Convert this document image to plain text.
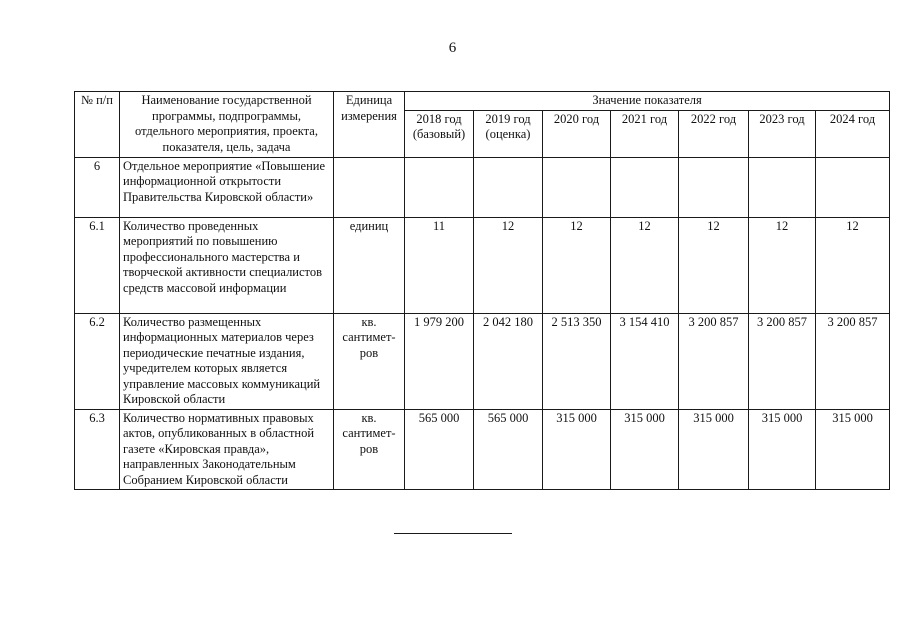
6
№ п/п	Наименование государственной программы, подпрограммы, отдельного мероприятия, проекта, показателя, цель, задача	Единица измерения	Значение показателя						
			2018 год (базовый)	2019 год (оценка)	2020 год	2021 год	2022 год	2023 год	2024 год
6	Отдельное мероприятие «Повышение информационной открытости Правительства Кировской области»								
6.1	Количество проведенных мероприятий по повышению профессионального мастерства и творческой активности специалистов средств массовой информации	единиц	11	12	12	12	12	12	12
6.2	Количество размещенных информационных материалов через периодические печатные издания, учредителем которых является управление массовых коммуникаций Кировской области	кв. сантимет-ров	1 979 200	2 042 180	2 513 350	3 154 410	3 200 857	3 200 857	3 200 857
6.3	Количество нормативных правовых актов, опубликованных в областной газете «Кировская правда», направленных Законодательным Собранием Кировской области	кв. сантимет-ров	565 000	565 000	315 000	315 000	315 000	315 000	315 000
